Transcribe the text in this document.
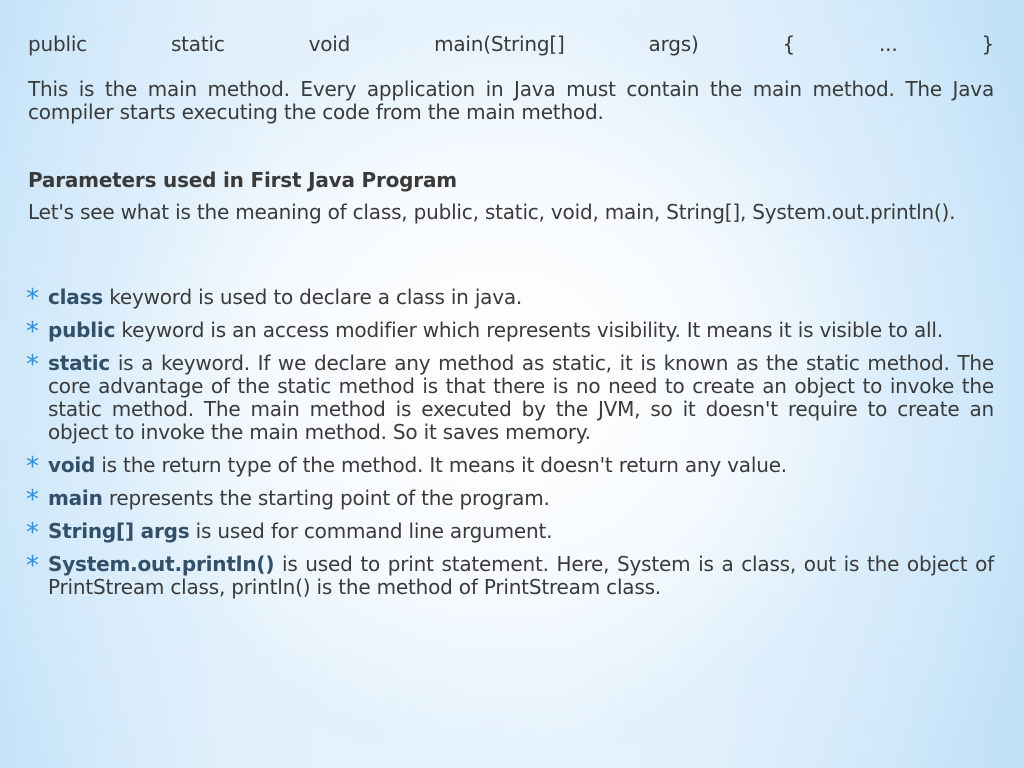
public	static	void	main(String[]	args)	{	...	}
This is the main method. Every application in Java must contain the main method. The Java compiler starts executing the code from the main method.
Parameters used in First Java Program
Let's see what is the meaning of class, public, static, void, main, String[], System.out.println().
* class keyword is used to declare a class in java.
* public keyword is an access modifier which represents visibility. It means it is visible to all.
* static is a keyword. If we declare any method as static, it is known as the static method. The core advantage of the static method is that there is no need to create an object to invoke the static method. The main method is executed by the JVM, so it doesn't require to create an object to invoke the main method. So it saves memory.
* void is the return type of the method. It means it doesn't return any value.
* main represents the starting point of the program.
* String[] args is used for command line argument.
* System.out.println() is used to print statement. Here, System is a class, out is the object of PrintStream class, println() is the method of PrintStream class.
